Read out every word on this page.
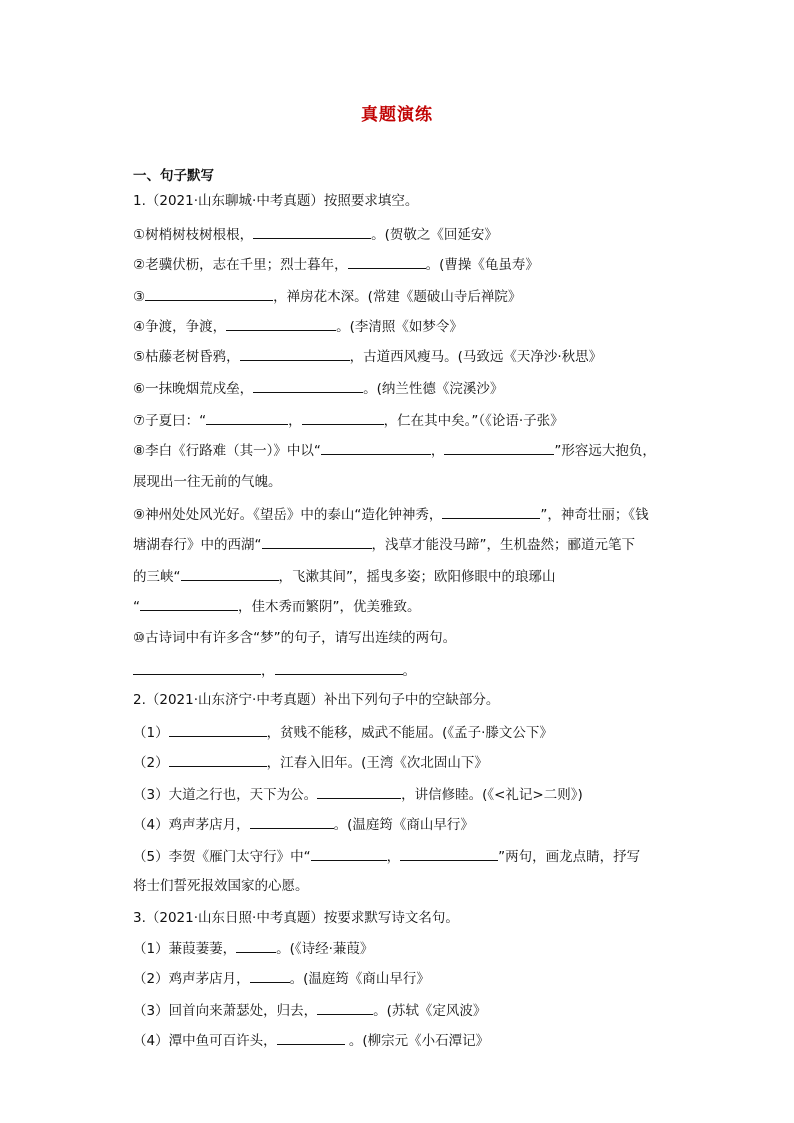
真题演练
一、句子默写
1.（2021·山东聊城·中考真题）按照要求填空。
①树梢树枝树根根，	。(贺敬之《回延安》
②老骥伏枥，志在千里；烈士暮年，	。(曹操《龟虽寿》
③	，禅房花木深。(常建《题破山寺后禅院》
④争渡，争渡，	。(李清照《如梦令》
⑤枯藤老树昏鸦，	，古道西风瘦马。(马致远《天净沙·秋思》
⑥一抹晚烟荒戍垒，	。(纳兰性德《浣溪沙》
⑦子夏曰：“	，	，仁在其中矣。”（《论语·子张》
⑧李白《行路难（其一）》中以“	，	”形容远大抱负，
展现出一往无前的气魄。
⑨神州处处风光好。《望岳》中的泰山“造化钟神秀，	”，神奇壮丽；《钱
塘湖春行》中的西湖“	，浅草才能没马蹄”，生机盎然；郦道元笔下
的三峡“	，飞漱其间”，摇曳多姿；欧阳修眼中的琅琊山
“	，佳木秀而繁阴”，优美雅致。
⑩古诗词中有许多含“梦”的句子，请写出连续的两句。
，	。
2.（2021·山东济宁·中考真题）补出下列句子中的空缺部分。
（1）	，贫贱不能移，威武不能屈。(《孟子·滕文公下》
（2）	，江春入旧年。(王湾《次北固山下》
（3）大道之行也，天下为公。	，讲信修睦。(《<礼记>二则》)
（4）鸡声茅店月，	。(温庭筠《商山早行》
（5）李贺《雁门太守行》中“	，	”两句，画龙点睛，抒写
将士们誓死报效国家的心愿。
3.（2021·山东日照·中考真题）按要求默写诗文名句。
（1）蒹葭萋萋，	。(《诗经·蒹葭》
（2）鸡声茅店月，	。(温庭筠《商山早行》
（3）回首向来萧瑟处，归去，	。(苏轼《定风波》
（4）潭中鱼可百许头，	。(柳宗元《小石潭记》
